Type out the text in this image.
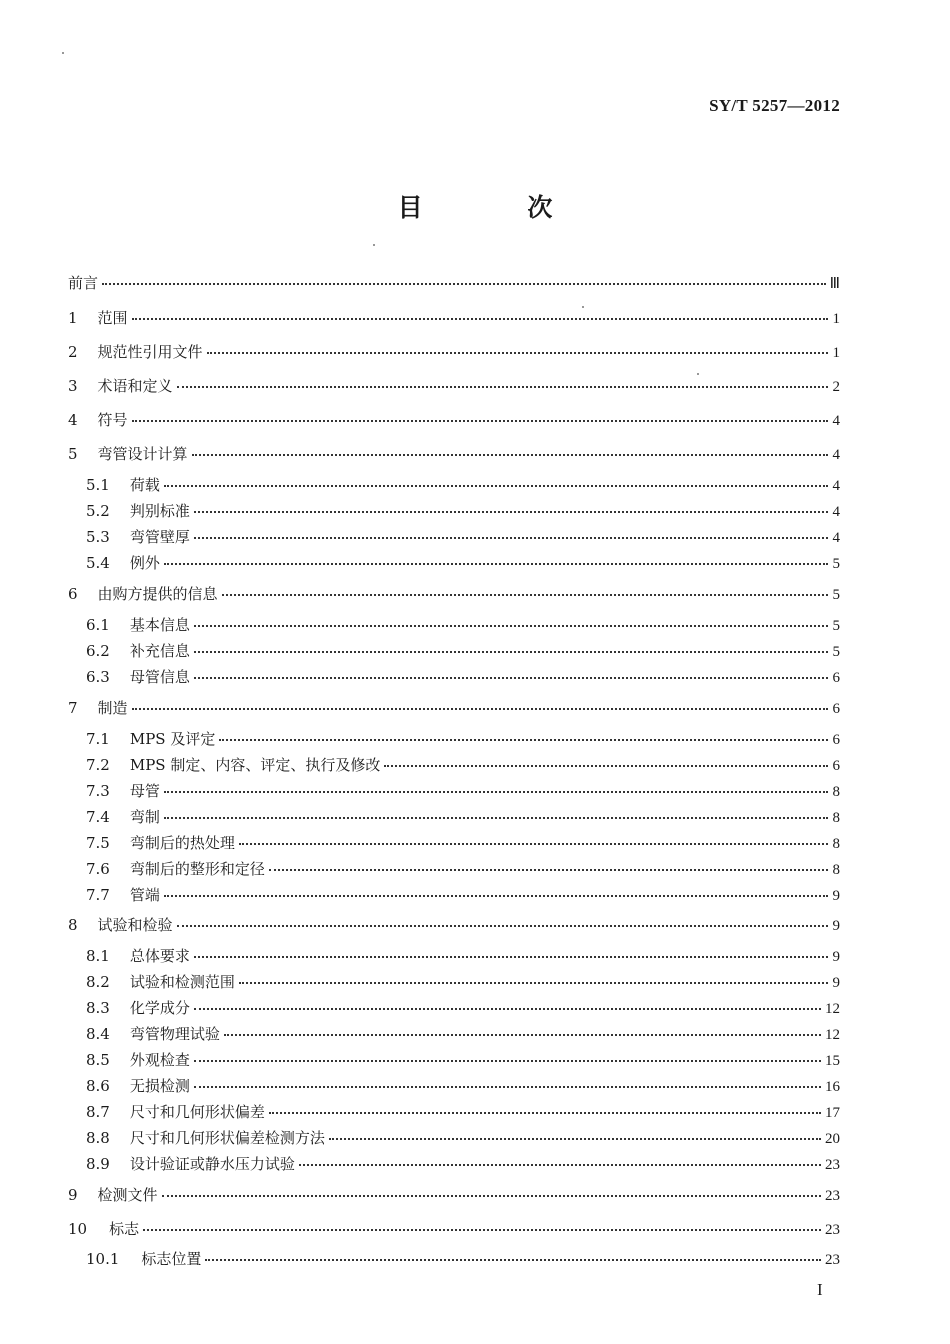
SY/T 5257—2012
目 次
前言	Ⅲ
1 范围	1
2 规范性引用文件	1
3 术语和定义	2
4 符号	4
5 弯管设计计算	4
5.1 荷载	4
5.2 判别标准	4
5.3 弯管壁厚	4
5.4 例外	5
6 由购方提供的信息	5
6.1 基本信息	5
6.2 补充信息	5
6.3 母管信息	6
7 制造	6
7.1 MPS 及评定	6
7.2 MPS 制定、内容、评定、执行及修改	6
7.3 母管	8
7.4 弯制	8
7.5 弯制后的热处理	8
7.6 弯制后的整形和定径	8
7.7 管端	9
8 试验和检验	9
8.1 总体要求	9
8.2 试验和检测范围	9
8.3 化学成分	12
8.4 弯管物理试验	12
8.5 外观检查	15
8.6 无损检测	16
8.7 尺寸和几何形状偏差	17
8.8 尺寸和几何形状偏差检测方法	20
8.9 设计验证或静水压力试验	23
9 检测文件	23
10 标志	23
10.1 标志位置	23
I
